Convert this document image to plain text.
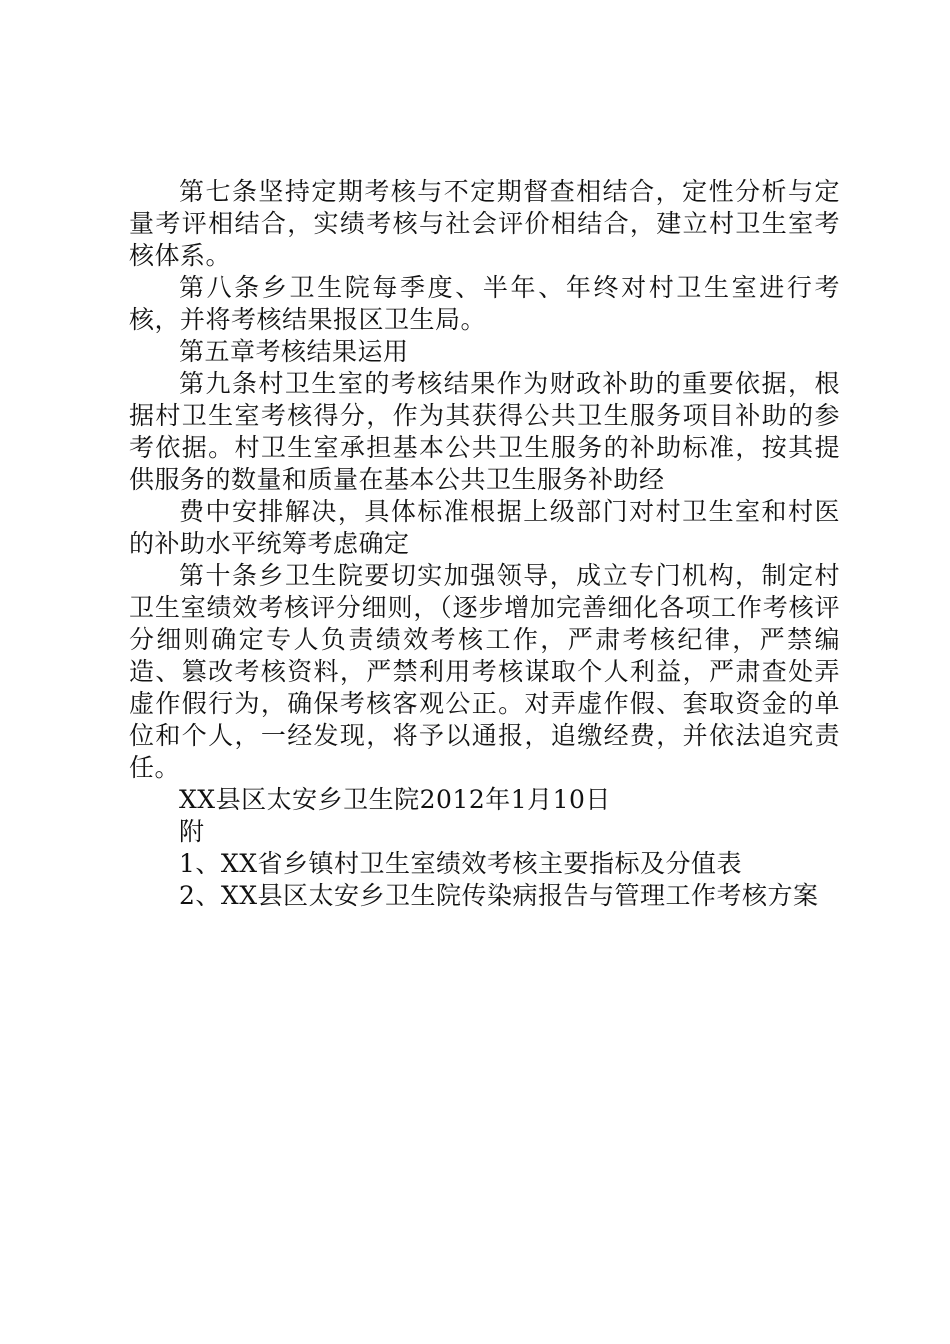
第七条坚持定期考核与不定期督查相结合，定性分析与定量考评相结合，实绩考核与社会评价相结合，建立村卫生室考核体系。

第八条乡卫生院每季度、半年、年终对村卫生室进行考核，并将考核结果报区卫生局。

第五章考核结果运用

第九条村卫生室的考核结果作为财政补助的重要依据，根据村卫生室考核得分，作为其获得公共卫生服务项目补助的参考依据。村卫生室承担基本公共卫生服务的补助标准，按其提供服务的数量和质量在基本公共卫生服务补助经

费中安排解决，具体标准根据上级部门对村卫生室和村医的补助水平统筹考虑确定

第十条乡卫生院要切实加强领导，成立专门机构，制定村卫生室绩效考核评分细则，（逐步增加完善细化各项工作考核评分细则确定专人负责绩效考核工作，严肃考核纪律，严禁编造、篡改考核资料，严禁利用考核谋取个人利益，严肃查处弄虚作假行为，确保考核客观公正。对弄虚作假、套取资金的单位和个人，一经发现，将予以通报，追缴经费，并依法追究责任。

XX县区太安乡卫生院2012年1月10日

附

1、XX省乡镇村卫生室绩效考核主要指标及分值表

2、XX县区太安乡卫生院传染病报告与管理工作考核方案
